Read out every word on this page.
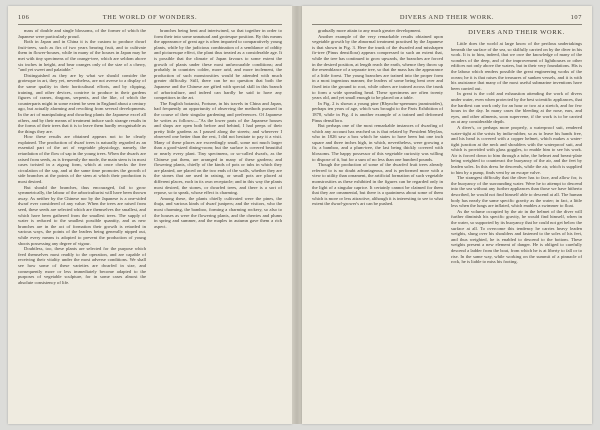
106	THE WORLD OF WONDERS.

mass of double and single blossoms, of the former of which the Japanese were particularly proud.

Both in Japan and in China it is the custom to produce dwarf fruit-trees, such as firs of two years bearing fruit, and to cultivate them in flower-houses, while in many of the houses in Japan may be met with tiny specimens of the orange-tree, which are seldom above six inches in height, and bear oranges only of the size of a cherry, "and yet sweet and palatable."

Distinguished as they are by what we should consider the grotesque in art, they yet, nevertheless, are not averse to a display of the same quality in their horticultural efforts, and by clipping, training, and other devices, contrive to produce in their gardens figures of cranes, dragons, serpents, and the like, of which the counterparts might in some extent be seen in England about a century ago, but actually alarming and revolting from several developments. In the art of manipulating and dwarfing plants the Japanese excel all others, and by their means of treatment induce such strange results in the forms of their trees that it is to leave them hardly recognisable as the things they are.

How these results are obtained appears not to be clearly explained. The production of dwarf trees is naturally regarded as an essential part of the art of vegetable physiology, namely, the retardation of the flow of sap in the young trees. When the dwarfs are raised from seeds, as is frequently the mode, the main stem is in most cases twisted in a zigzag form, which at once checks the free circulation of the sap, and at the same time promotes the growth of side branches at the points of the stem at which their production is most desired.

But should the branches, thus encouraged, fail to grow symmetrically, the labour of the arboriculturist will have been thrown away. As neither by the Chinese nor by the Japanese is a one-sided dwarf ever considered of any value. When the trees are raised from seed, these seeds are selected which are themselves the smallest, and which have been gathered from the smallest trees. The supply of water is reduced to the smallest possible quantity, and as new branches are in the act of formation their growth is retarded in various ways, the points of the leaders being generally nipped out, while every means is adopted to prevent the production of young shoots possessing any degree of vigour.

Doubtless, too, these plants are selected for the purpose which feed themselves most readily to the operation, and are capable of receiving their vitality under the most adverse conditions. We shall see how some of these varieties are dwarfed in size, and consequently more or less immediately become adapted to the purposes of vegetable sculpture, for in some cases almost the absolute consistency of life.

branches being bent and intertwined, so that together in order to form their into some unnatural and grotesque position. By this means the appearance of great age is often imparted to comparatively young plants, while by the judicious combination of a semblance of oddity and picturesque effect, the plant thus treated as a considerable age. It is possible that the climate of Japan favours to some extent the growth of plants under these most unfavourable conditions; and probably in countries colder, more arid, and more inclement, the production of such monstrosities would be attended with much greater difficulty. Still, there can be no question that both the Japanese and the Chinese are gifted with special skill in this branch of arboriculture, and indeed can hardly be said to have any competitors in the art.

The English botanist, Fortune, in his travels in China and Japan, had frequently an opportunity of observing the methods pursued in the course of their singular gardening and preferences. Of Japanese he writes as follows:—"As the lower parts of the Japanese houses and shops are open both before and behind, I had peeps of their pretty little gardens as I passed along the streets; and wherever I observed one better than the rest, I did not hesitate to pay it a visit. Many of these places are exceedingly small, some not much larger than a good-sized dining-room; but the surface is covered beautiful or nearly every plant. Tiny specimens, or so-called dwarfs, as the Chinese put them, are arranged in many of these gardens; and flowering plants, chiefly of the kinds of pots or tubs in which they are planted, are placed on the two ends of the walls, whether they are the stones that are used in raising, or small pots are placed at different places, each in its own receptacle; and in this way the plants most desired, the stones, or dwarfed trees, and there is a sort of repose, so to speak, whose effect is charming.

Among these, the plants chiefly cultivated were the pines, the thuja, and various kinds of dwarf junipers; and the visitors, who the most charming, the bamboo, forming a charming rockery, so also to the houses as were the flowering plants, and the cherries and plums in spring and summer, and the maples in autumn gave them a rich aspect.

DIVERS AND THEIR WORK.	107

gradually more attain to any much greater development.

Another example of the very remarkable results obtained upon vegetable growth by the abnormal treatment practised by the Japanese is that shown in Fig. 3. Here the trunk of the dwarfed and misshapen fir-tree (Pinus densiflora) appears compressed to such an extent that, while the tree has continued to grow upwards, the branches are forced in the desired position, at length reach the earth, whence they throw up the resemblance of a separate tree, so that the mass has the appearance of a little forest. The young branches are trained into the proper form in a most ingenious manner, the leaders of some being bent over and fixed into the ground to root, while others are trained across the trunk to form a wide spreading head. These specimens are often twenty years old, and yet small enough to be placed on a table.

In Fig. 2 is shown a young pine (Rhyncho-spermum jasminoides), perhaps ten years of age, which was brought to the Paris Exhibition of 1878, while in Fig. 4 is another example of a trained and deformed Pinus densiflora.

But perhaps one of the most remarkable instances of dwarfing of which any account has reached us is that related by President Meylan, who in 1826 saw a box which he states to have been but one inch square and three inches high, in which, nevertheless, were growing a fir, a bamboo, and a plum-tree, the last being thickly covered with blossoms. The happy possessor of this vegetable curiosity was willing to dispose of it, but for a sum of no less than one hundred pounds.

Though the production of some of the dwarfed fruit trees already referred to is no doubt advantageous, and is performed more with a view to utility than ornament, the artificial formation of such vegetable monstrosities as these exhibited in the figures can be regarded only in the light of a singular caprice. It certainly cannot be claimed for them that they are ornamental, but there is a quaintness about some of them which is more or less attractive, although it is interesting to see to what extent the dwarf-grower's art can be pushed.

DIVERS AND THEIR WORK.

Little does the world at large know of the perilous undertakings beneath the surface of the sea, so skilfully carried on by the diver in his work. It is to him, indeed, that we owe the knowledge of many of the wonders of the deep, and of the improvement of lighthouses or other edifices not only above the waters, but in their very foundations. His is the labour which renders possible the great engineering works of the ocean; he it is that raises the treasures of sunken vessels, and it is with his assistance that many of the most useful submarine inventions have been carried out.

In great is the cold and exhaustion attending the work of divers under water, even when protected by the best scientific appliances, that the hardiest can work only for an hour or two at a stretch, and for few hours in the day. In many cases the bleeding at the nose, ears, and eyes, and other ailments, soon supervene, if the work is to be carried on at any considerable depth.

A diver's, or perhaps more properly, a waterproof suit, rendered water-tight at the wrists by india-rubber, so as to leave his hands free, and his head is covered with a copper helmet, which makes a water-tight junction at the neck and shoulders with the waterproof suit, and which is provided with glass goggles, to enable him to see his work. Air is forced down to him through a tube, the helmet and breast-plate being weighted to counteract the buoyancy of the air, and the feet by leaden soles. In this dress he descends, while the air, which is supplied to him by a pump, finds vent by an escape valve.

The strangest difficulty that the diver has to face, and allow for, is the buoyancy of the surrounding water. Were he to attempt to descend into the sea without any further appliances than those we have hitherto described, he would not find himself able to descend at all. The human body has nearly the same specific gravity as the water; in fact, a little less when the lungs are inflated, which enables a swimmer to float.

As the volume occupied by the air in the helmet of the diver will further diminish his specific gravity, he would find himself, when in the water, so supported by its buoyancy that he could not get below the surface at all. To overcome this tendency he carries heavy leaden weights, slung over his shoulders and fastened to the soles of his feet, and thus weighted, he is enabled to descend to the bottom. These weights present a new element of danger. He is obliged to carefully descend a ladder from the boat, from which he is at liberty to fall or to rise. In the same way, while working on the summit of a pinnacle of rock, he is liable to miss his footing.
